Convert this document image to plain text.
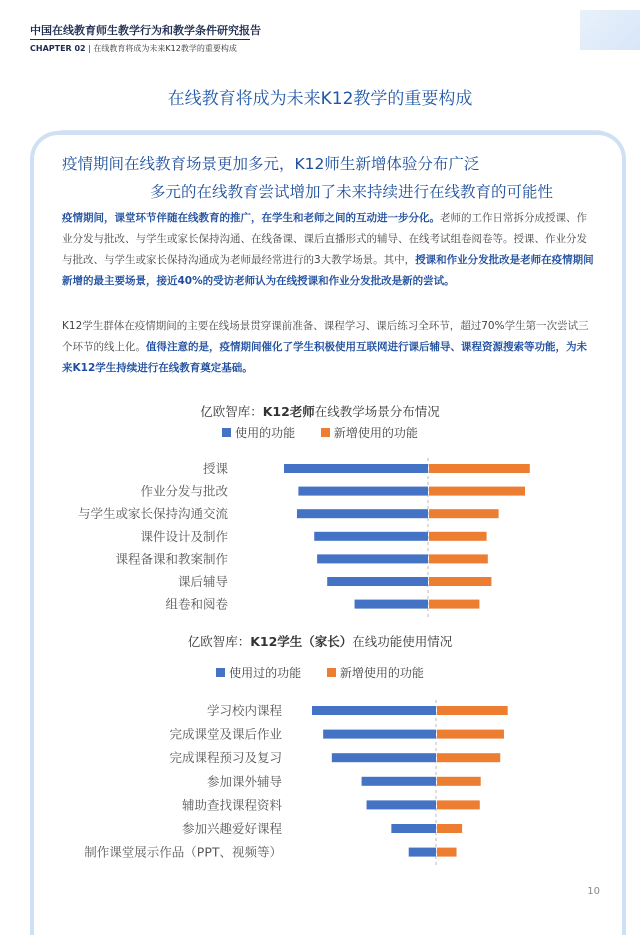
中国在线教育师生教学行为和教学条件研究报告
CHAPTER 02 | 在线教育将成为未来K12教学的重要构成
在线教育将成为未来K12教学的重要构成
疫情期间在线教育场景更加多元，K12师生新增体验分布广泛
多元的在线教育尝试增加了未来持续进行在线教育的可能性
疫情期间，课堂环节伴随在线教育的推广，在学生和老师之间的互动进一步分化。老师的工作日常拆分成授课、作业分发与批改、与学生或家长保持沟通、在线备课、课后直播形式的辅导、在线考试组卷阅卷等。授课、作业分发与批改、与学生或家长保持沟通成为老师最经常进行的3大教学场景。其中，授课和作业分发批改是老师在疫情期间新增的最主要场景，接近40%的受访老师认为在线授课和作业分发批改是新的尝试。
K12学生群体在疫情期间的主要在线场景贯穿课前准备、课程学习、课后练习全环节，超过70%学生第一次尝试三个环节的线上化。值得注意的是，疫情期间催化了学生积极使用互联网进行课后辅导、课程资源搜索等功能，为未来K12学生持续进行在线教育奠定基础。
亿欧智库：K12老师在线教学场景分布情况
使用的功能	新增使用的功能
授课
作业分发与批改
与学生或家长保持沟通交流
课件设计及制作
课程备课和教案制作
课后辅导
组卷和阅卷
亿欧智库：K12学生（家长）在线功能使用情况
使用过的功能	新增使用的功能
学习校内课程
完成课堂及课后作业
完成课程预习及复习
参加课外辅导
辅助查找课程资料
参加兴趣爱好课程
制作课堂展示作品（PPT、视频等）
10
